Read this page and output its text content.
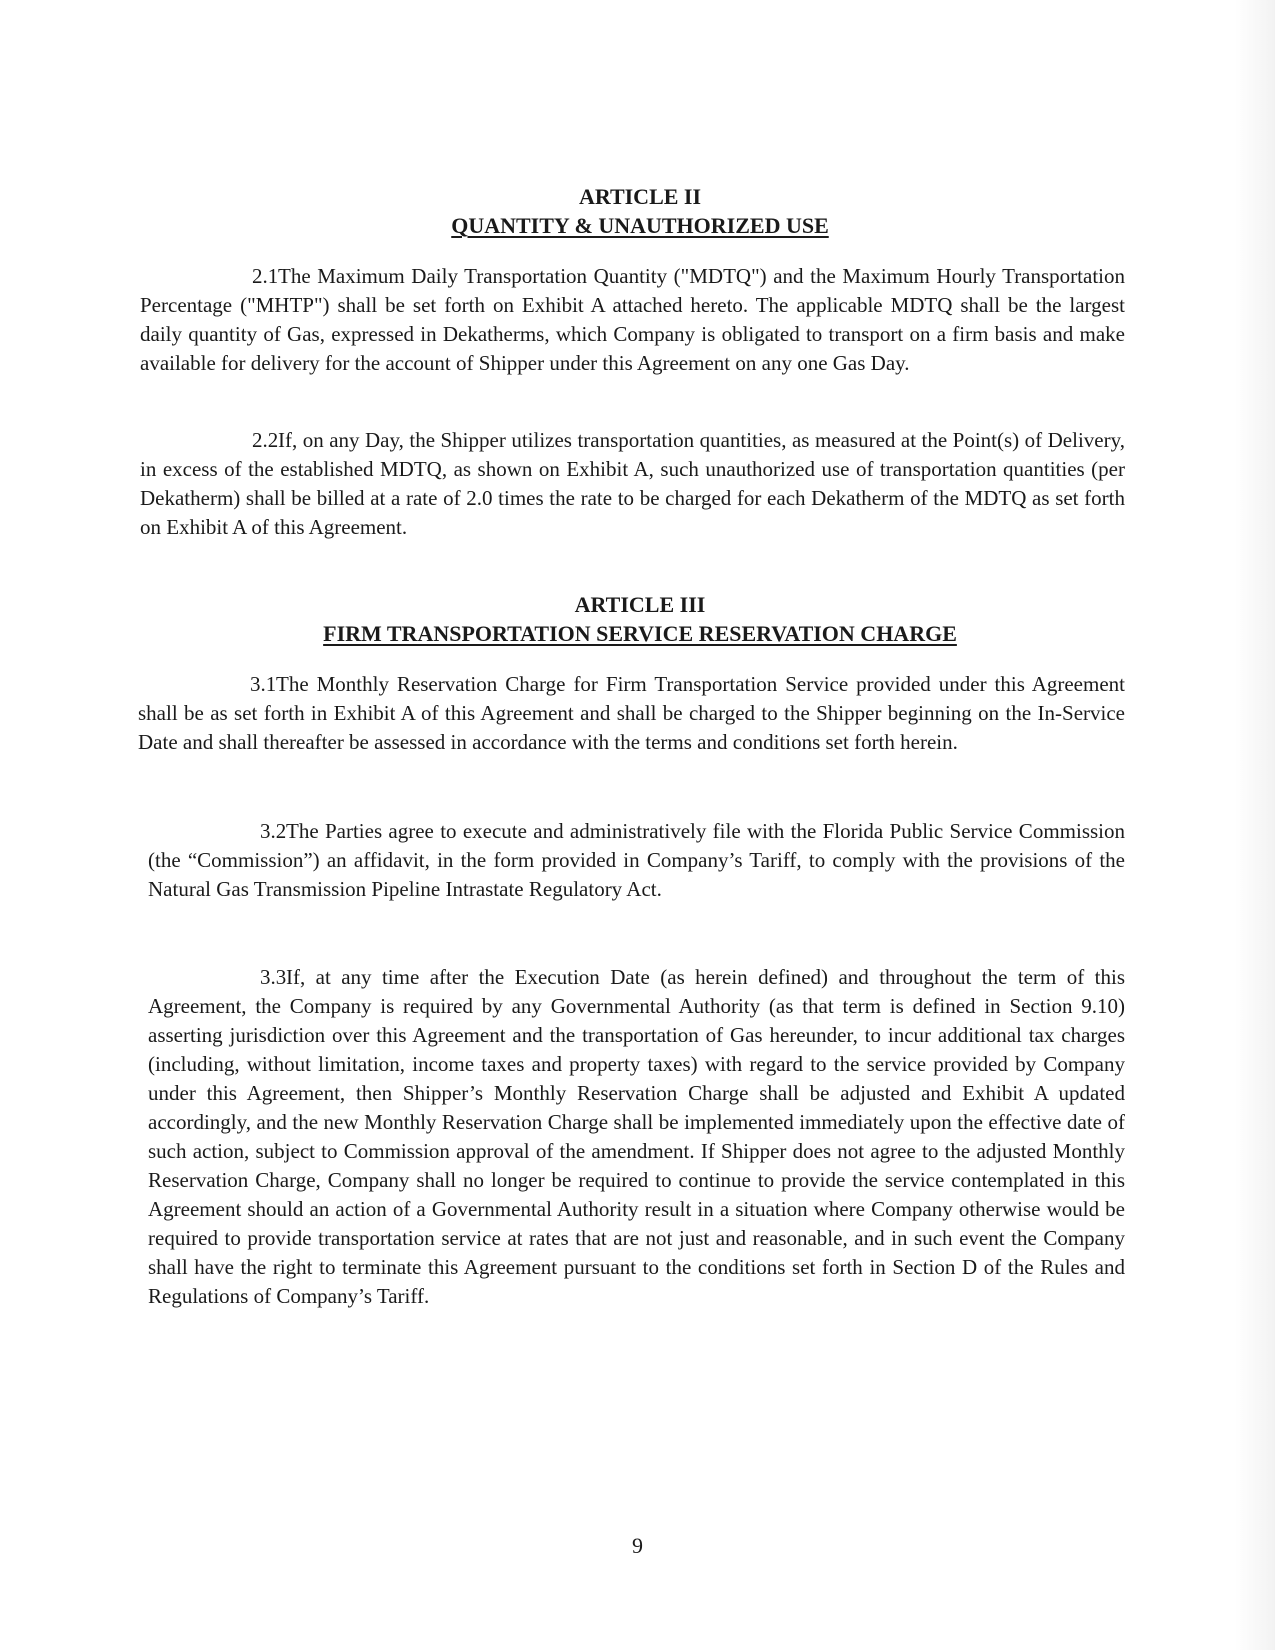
ARTICLE II
QUANTITY & UNAUTHORIZED USE

2.1The Maximum Daily Transportation Quantity ("MDTQ") and the Maximum Hourly Transportation Percentage ("MHTP") shall be set forth on Exhibit A attached hereto. The applicable MDTQ shall be the largest daily quantity of Gas, expressed in Dekatherms, which Company is obligated to transport on a firm basis and make available for delivery for the account of Shipper under this Agreement on any one Gas Day.

2.2If, on any Day, the Shipper utilizes transportation quantities, as measured at the Point(s) of Delivery, in excess of the established MDTQ, as shown on Exhibit A, such unauthorized use of transportation quantities (per Dekatherm) shall be billed at a rate of 2.0 times the rate to be charged for each Dekatherm of the MDTQ as set forth on Exhibit A of this Agreement.

ARTICLE III
FIRM TRANSPORTATION SERVICE RESERVATION CHARGE

3.1The Monthly Reservation Charge for Firm Transportation Service provided under this Agreement shall be as set forth in Exhibit A of this Agreement and shall be charged to the Shipper beginning on the In-Service Date and shall thereafter be assessed in accordance with the terms and conditions set forth herein.

3.2The Parties agree to execute and administratively file with the Florida Public Service Commission (the “Commission”) an affidavit, in the form provided in Company’s Tariff, to comply with the provisions of the Natural Gas Transmission Pipeline Intrastate Regulatory Act.

3.3If, at any time after the Execution Date (as herein defined) and throughout the term of this Agreement, the Company is required by any Governmental Authority (as that term is defined in Section 9.10) asserting jurisdiction over this Agreement and the transportation of Gas hereunder, to incur additional tax charges (including, without limitation, income taxes and property taxes) with regard to the service provided by Company under this Agreement, then Shipper’s Monthly Reservation Charge shall be adjusted and Exhibit A updated accordingly, and the new Monthly Reservation Charge shall be implemented immediately upon the effective date of such action, subject to Commission approval of the amendment. If Shipper does not agree to the adjusted Monthly Reservation Charge, Company shall no longer be required to continue to provide the service contemplated in this Agreement should an action of a Governmental Authority result in a situation where Company otherwise would be required to provide transportation service at rates that are not just and reasonable, and in such event the Company shall have the right to terminate this Agreement pursuant to the conditions set forth in Section D of the Rules and Regulations of Company’s Tariff.

9
